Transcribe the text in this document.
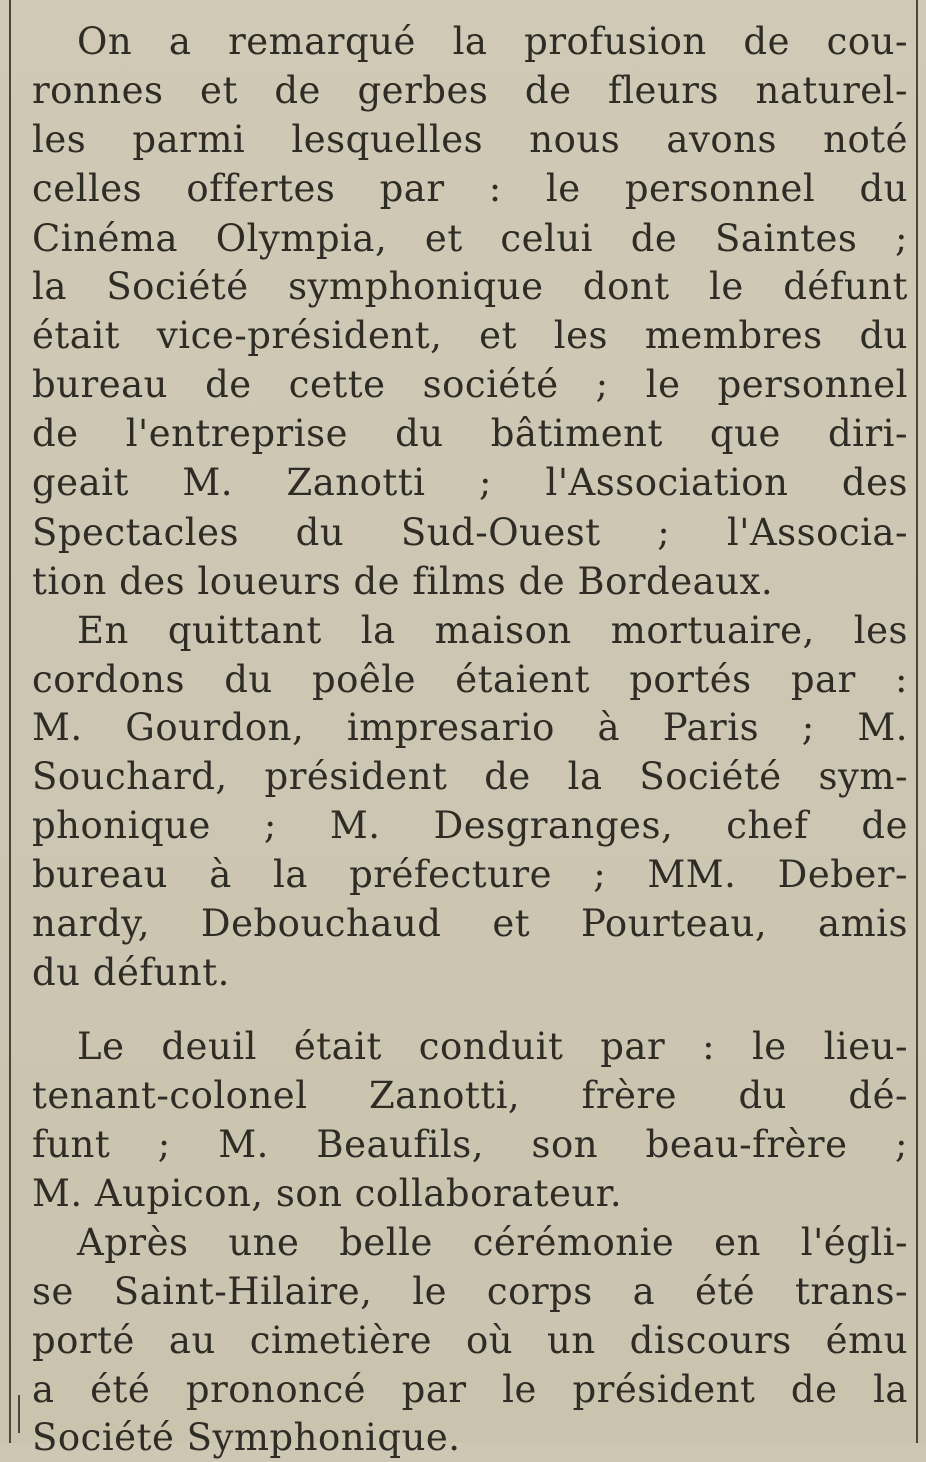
On a remarqué la profusion de cou-
ronnes et de gerbes de fleurs naturel-
les parmi lesquelles nous avons noté
celles offertes par : le personnel du
Cinéma Olympia, et celui de Saintes ;
la Société symphonique dont le défunt
était vice-président, et les membres du
bureau de cette société ; le personnel
de l'entreprise du bâtiment que diri-
geait M. Zanotti ; l'Association des
Spectacles du Sud-Ouest ; l'Associa-
tion des loueurs de films de Bordeaux.
En quittant la maison mortuaire, les
cordons du poêle étaient portés par :
M. Gourdon, impresario à Paris ; M.
Souchard, président de la Société sym-
phonique ; M. Desgranges, chef de
bureau à la préfecture ; MM. Deber-
nardy, Debouchaud et Pourteau, amis
du défunt.
Le deuil était conduit par : le lieu-
tenant-colonel Zanotti, frère du dé-
funt ; M. Beaufils, son beau-frère ;
M. Aupicon, son collaborateur.
Après une belle cérémonie en l'égli-
se Saint-Hilaire, le corps a été trans-
porté au cimetière où un discours ému
a été prononcé par le président de la
Société Symphonique.
